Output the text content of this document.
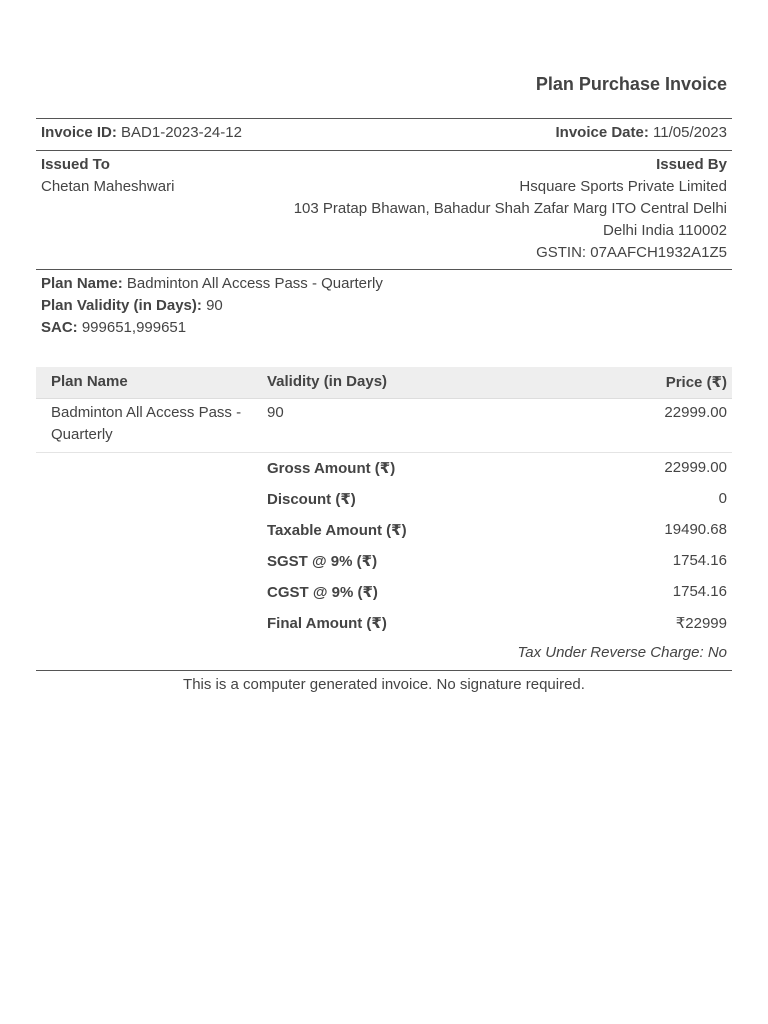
Plan Purchase Invoice
Invoice ID: BAD1-2023-24-12	Invoice Date: 11/05/2023
Issued To
Chetan Maheshwari
Issued By
Hsquare Sports Private Limited
103 Pratap Bhawan, Bahadur Shah Zafar Marg ITO Central Delhi
Delhi India 110002
GSTIN: 07AAFCH1932A1Z5
Plan Name: Badminton All Access Pass - Quarterly
Plan Validity (in Days): 90
SAC: 999651,999651
Plan Name	Validity (in Days)	Price (₹)
Badminton All Access Pass -
Quarterly
90	22999.00
Gross Amount (₹)	22999.00
Discount (₹)	0
Taxable Amount (₹)	19490.68
SGST @ 9% (₹)	1754.16
CGST @ 9% (₹)	1754.16
Final Amount (₹)	₹22999
Tax Under Reverse Charge: No
This is a computer generated invoice. No signature required.
